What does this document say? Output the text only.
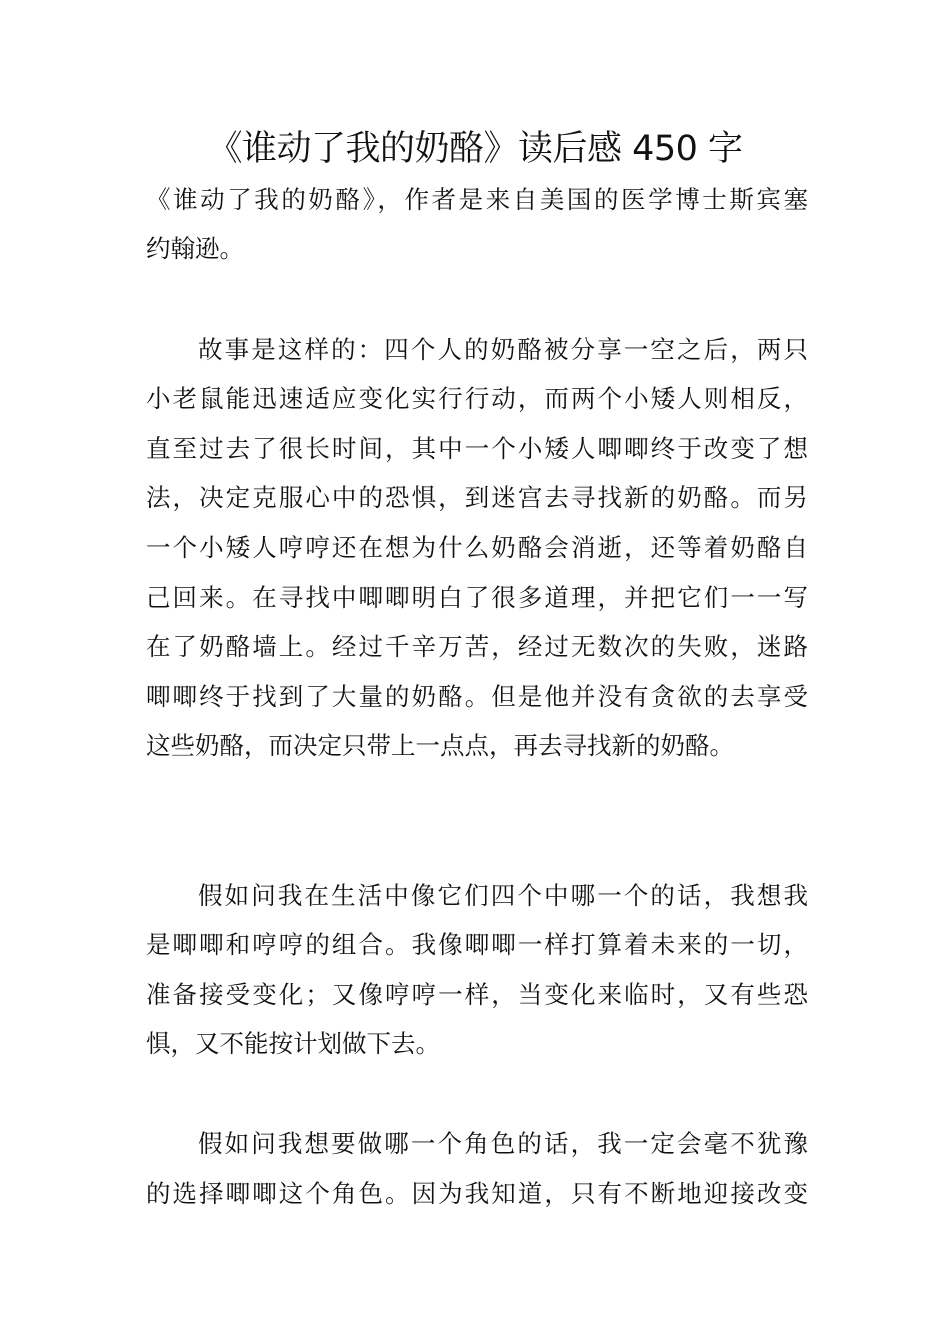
《谁动了我的奶酪》读后感 450 字
《谁动了我的奶酪》，作者是来自美国的医学博士斯宾塞
约翰逊。
故事是这样的：四个人的奶酪被分享一空之后，两只
小老鼠能迅速适应变化实行行动，而两个小矮人则相反，
直至过去了很长时间，其中一个小矮人唧唧终于改变了想
法，决定克服心中的恐惧，到迷宫去寻找新的奶酪。而另
一个小矮人哼哼还在想为什么奶酪会消逝，还等着奶酪自
己回来。在寻找中唧唧明白了很多道理，并把它们一一写
在了奶酪墙上。经过千辛万苦，经过无数次的失败，迷路
唧唧终于找到了大量的奶酪。但是他并没有贪欲的去享受
这些奶酪，而决定只带上一点点，再去寻找新的奶酪。
假如问我在生活中像它们四个中哪一个的话，我想我
是唧唧和哼哼的组合。我像唧唧一样打算着未来的一切，
准备接受变化；又像哼哼一样，当变化来临时，又有些恐
惧，又不能按计划做下去。
假如问我想要做哪一个角色的话，我一定会毫不犹豫
的选择唧唧这个角色。因为我知道，只有不断地迎接改变
